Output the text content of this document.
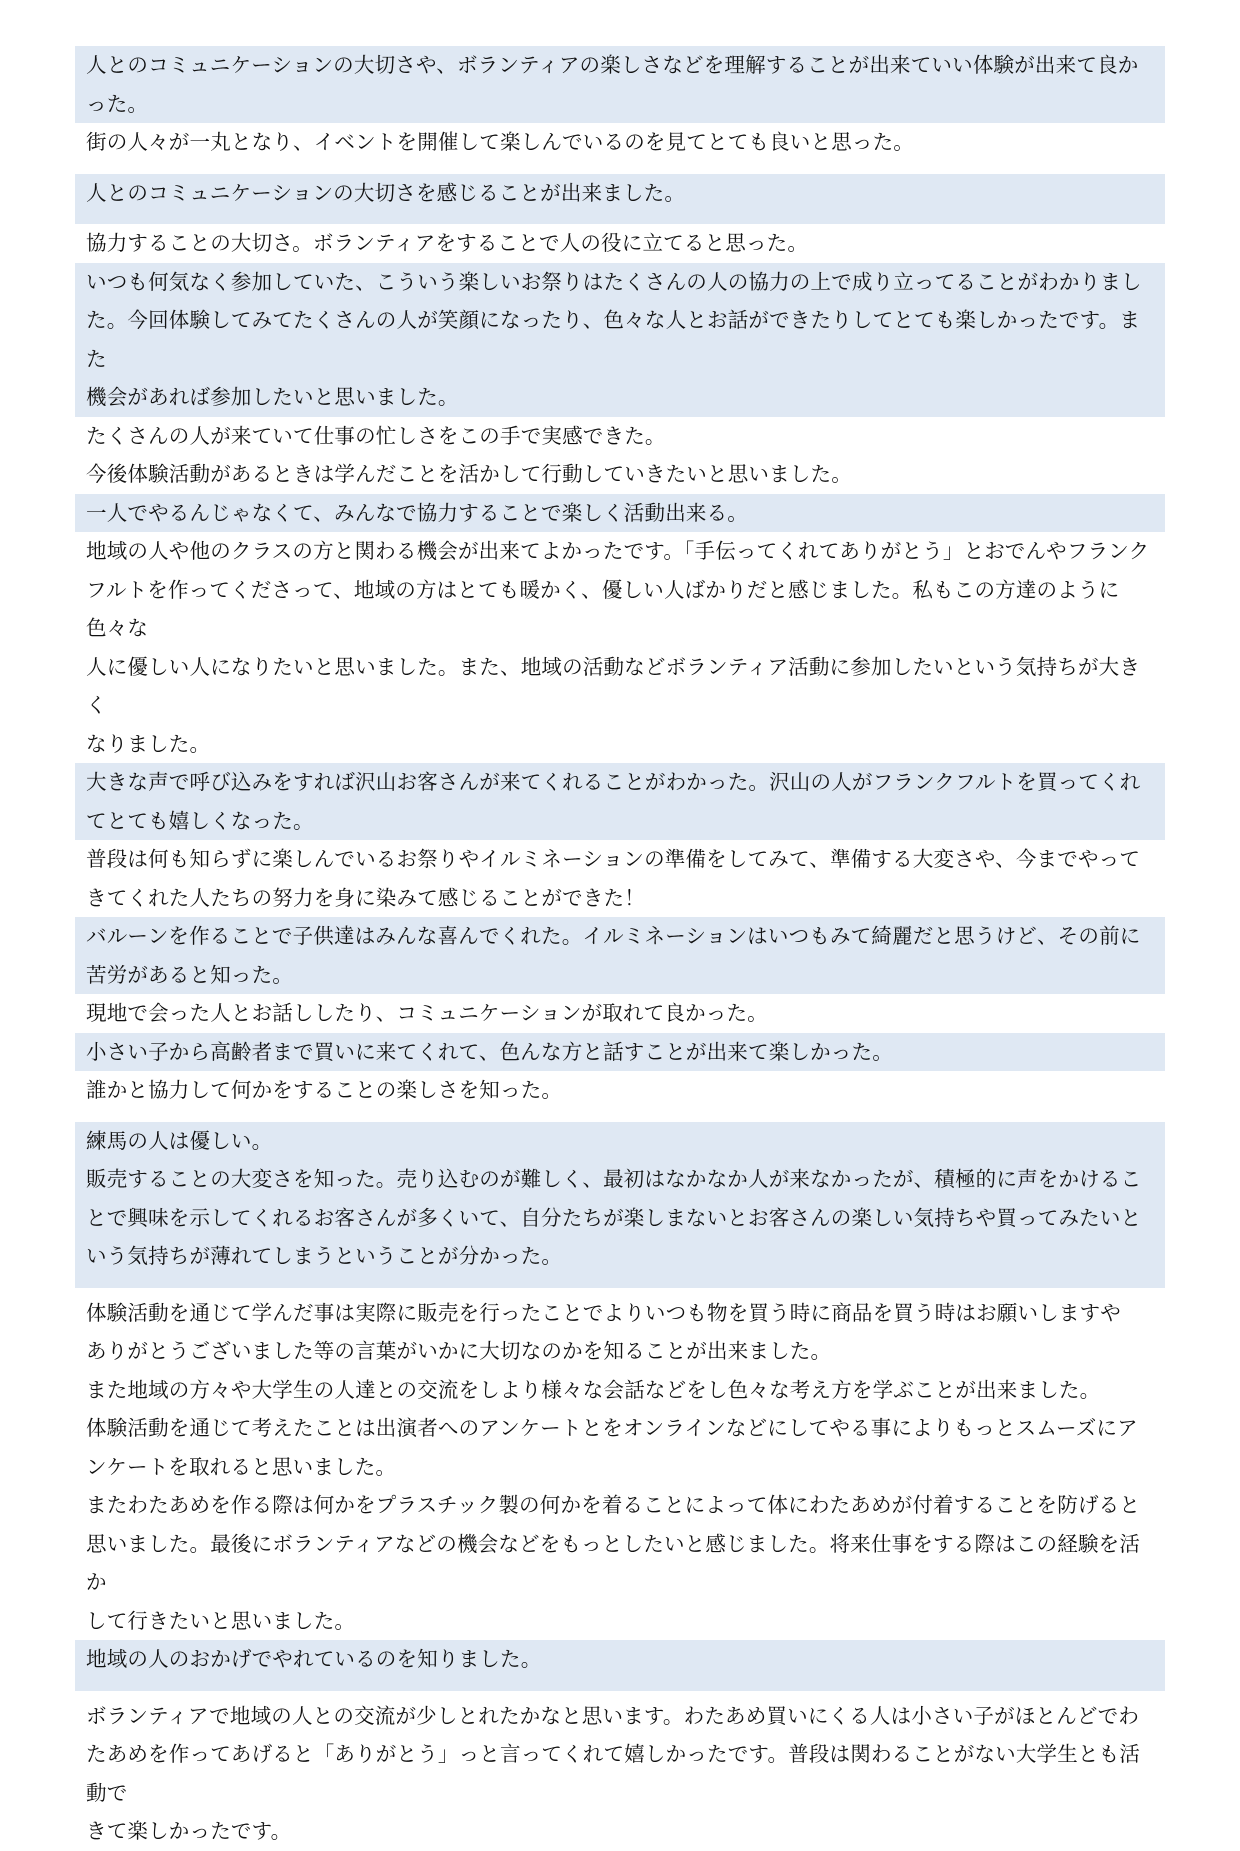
人とのコミュニケーションの大切さや、ボランティアの楽しさなどを理解することが出来ていい体験が出来て良か
った。
街の人々が一丸となり、イベントを開催して楽しんでいるのを見てとても良いと思った。
人とのコミュニケーションの大切さを感じることが出来ました。
協力することの大切さ。ボランティアをすることで人の役に立てると思った。
いつも何気なく参加していた、こういう楽しいお祭りはたくさんの人の協力の上で成り立ってることがわかりまし
た。今回体験してみてたくさんの人が笑顔になったり、色々な人とお話ができたりしてとても楽しかったです。また
機会があれば参加したいと思いました。
たくさんの人が来ていて仕事の忙しさをこの手で実感できた。
今後体験活動があるときは学んだことを活かして行動していきたいと思いました。
一人でやるんじゃなくて、みんなで協力することで楽しく活動出来る。
地域の人や他のクラスの方と関わる機会が出来てよかったです。「手伝ってくれてありがとう」とおでんやフランク
フルトを作ってくださって、地域の方はとても暖かく、優しい人ばかりだと感じました。私もこの方達のように色々な
人に優しい人になりたいと思いました。また、地域の活動などボランティア活動に参加したいという気持ちが大きく
なりました。
大きな声で呼び込みをすれば沢山お客さんが来てくれることがわかった。沢山の人がフランクフルトを買ってくれ
てとても嬉しくなった。
普段は何も知らずに楽しんでいるお祭りやイルミネーションの準備をしてみて、準備する大変さや、今までやって
きてくれた人たちの努力を身に染みて感じることができた！
バルーンを作ることで子供達はみんな喜んでくれた。イルミネーションはいつもみて綺麗だと思うけど、その前に
苦労があると知った。
現地で会った人とお話ししたり、コミュニケーションが取れて良かった。
小さい子から高齢者まで買いに来てくれて、色んな方と話すことが出来て楽しかった。
誰かと協力して何かをすることの楽しさを知った。
練馬の人は優しい。
販売することの大変さを知った。売り込むのが難しく、最初はなかなか人が来なかったが、積極的に声をかけるこ
とで興味を示してくれるお客さんが多くいて、自分たちが楽しまないとお客さんの楽しい気持ちや買ってみたいと
いう気持ちが薄れてしまうということが分かった。
体験活動を通じて学んだ事は実際に販売を行ったことでよりいつも物を買う時に商品を買う時はお願いしますや
ありがとうございました等の言葉がいかに大切なのかを知ることが出来ました。
また地域の方々や大学生の人達との交流をしより様々な会話などをし色々な考え方を学ぶことが出来ました。
体験活動を通じて考えたことは出演者へのアンケートとをオンラインなどにしてやる事によりもっとスムーズにア
ンケートを取れると思いました。
またわたあめを作る際は何かをプラスチック製の何かを着ることによって体にわたあめが付着することを防げると
思いました。最後にボランティアなどの機会などをもっとしたいと感じました。将来仕事をする際はこの経験を活か
して行きたいと思いました。
地域の人のおかげでやれているのを知りました。
ボランティアで地域の人との交流が少しとれたかなと思います。わたあめ買いにくる人は小さい子がほとんどでわ
たあめを作ってあげると「ありがとう」っと言ってくれて嬉しかったです。普段は関わることがない大学生とも活動で
きて楽しかったです。
